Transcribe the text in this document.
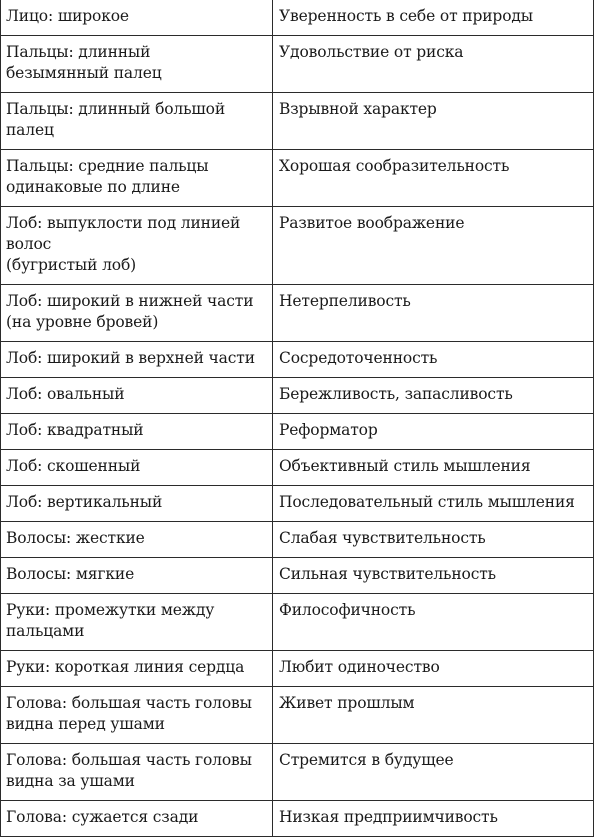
Лицо: широкое	Уверенность в себе от природы
Пальцы: длинный
безымянный палец	Удовольствие от риска
Пальцы: длинный большой
палец	Взрывной характер
Пальцы: средние пальцы
одинаковые по длине	Хорошая сообразительность
Лоб: выпуклости под линией
волос
(бугристый лоб)	Развитое воображение
Лоб: широкий в нижней части
(на уровне бровей)	Нетерпеливость
Лоб: широкий в верхней части	Сосредоточенность
Лоб: овальный	Бережливость, запасливость
Лоб: квадратный	Реформатор
Лоб: скошенный	Объективный стиль мышления
Лоб: вертикальный	Последовательный стиль мышления
Волосы: жесткие	Слабая чувствительность
Волосы: мягкие	Сильная чувствительность
Руки: промежутки между
пальцами	Философичность
Руки: короткая линия сердца	Любит одиночество
Голова: большая часть головы
видна перед ушами	Живет прошлым
Голова: большая часть головы
видна за ушами	Стремится в будущее
Голова: сужается сзади	Низкая предприимчивость
